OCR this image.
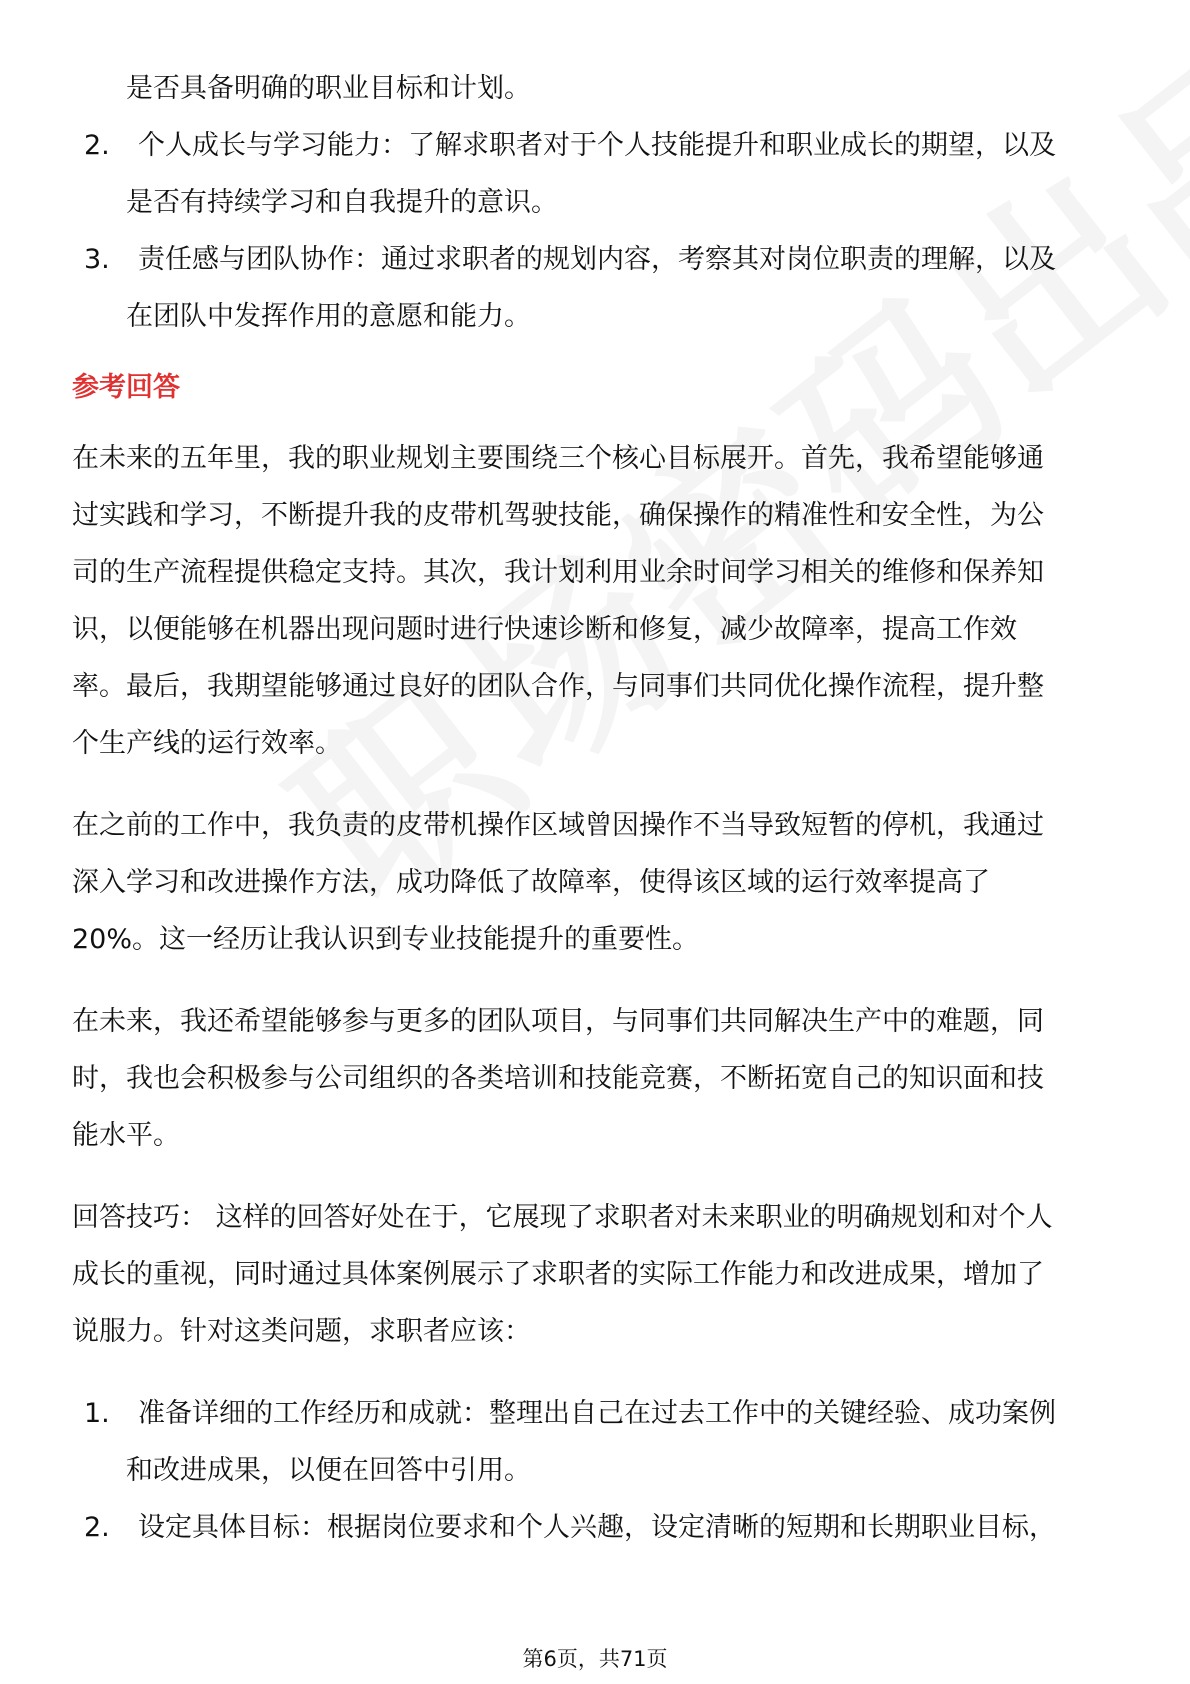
是否具备明确的职业目标和计划。
2. 个人成长与学习能力：了解求职者对于个人技能提升和职业成长的期望，以及
是否有持续学习和自我提升的意识。
3. 责任感与团队协作：通过求职者的规划内容，考察其对岗位职责的理解，以及
在团队中发挥作用的意愿和能力。
参考回答
在未来的五年里，我的职业规划主要围绕三个核心目标展开。首先，我希望能够通
过实践和学习，不断提升我的皮带机驾驶技能，确保操作的精准性和安全性，为公
司的生产流程提供稳定支持。其次，我计划利用业余时间学习相关的维修和保养知
识，以便能够在机器出现问题时进行快速诊断和修复，减少故障率，提高工作效
率。最后，我期望能够通过良好的团队合作，与同事们共同优化操作流程，提升整
个生产线的运行效率。
在之前的工作中，我负责的皮带机操作区域曾因操作不当导致短暂的停机，我通过
深入学习和改进操作方法，成功降低了故障率，使得该区域的运行效率提高了
20%。这一经历让我认识到专业技能提升的重要性。
在未来，我还希望能够参与更多的团队项目，与同事们共同解决生产中的难题，同
时，我也会积极参与公司组织的各类培训和技能竞赛，不断拓宽自己的知识面和技
能水平。
回答技巧： 这样的回答好处在于，它展现了求职者对未来职业的明确规划和对个人
成长的重视，同时通过具体案例展示了求职者的实际工作能力和改进成果，增加了
说服力。针对这类问题，求职者应该：
1. 准备详细的工作经历和成就：整理出自己在过去工作中的关键经验、成功案例
和改进成果，以便在回答中引用。
2. 设定具体目标：根据岗位要求和个人兴趣，设定清晰的短期和长期职业目标，
第6页，共71页
